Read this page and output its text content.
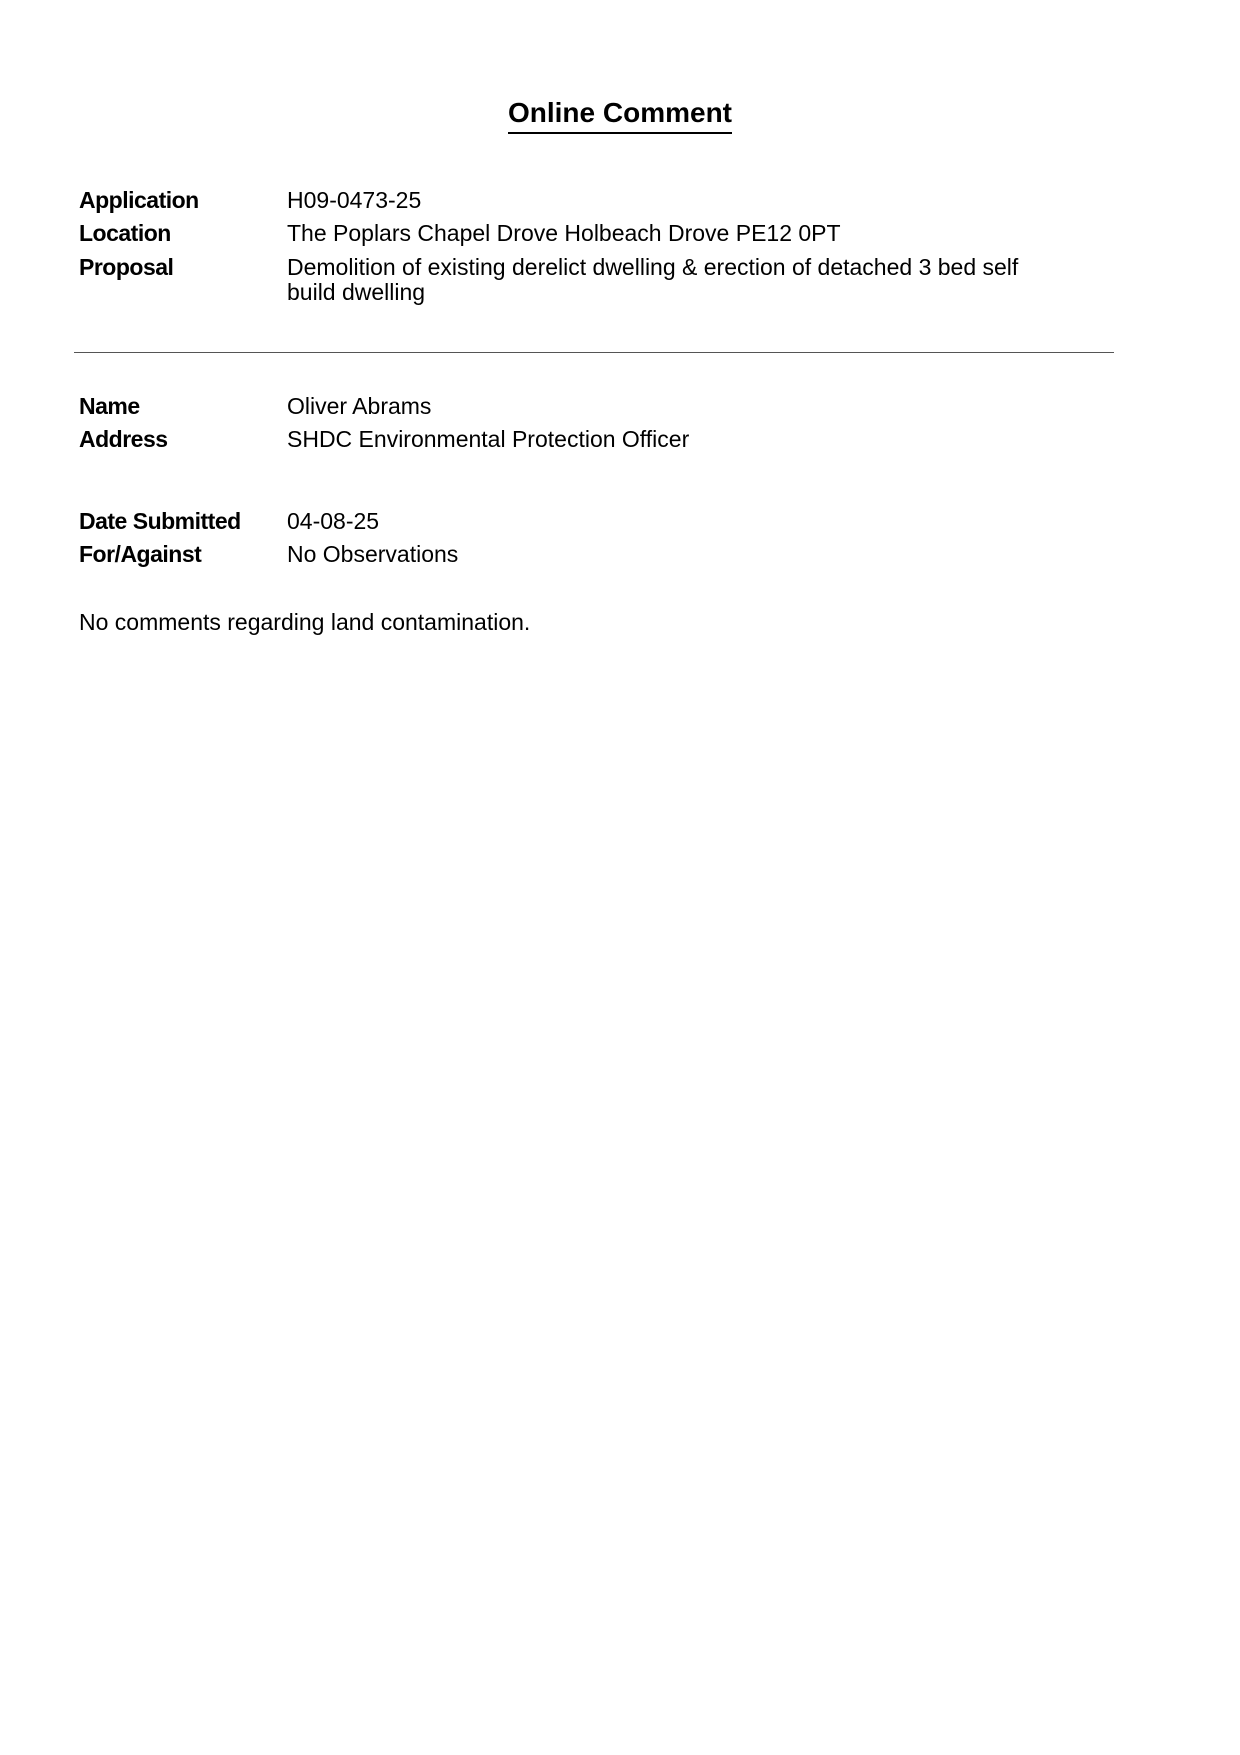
Online Comment
Application	H09-0473-25
Location	The Poplars Chapel Drove Holbeach Drove PE12 0PT
Proposal	Demolition of existing derelict dwelling & erection of detached 3 bed self
build dwelling
Name	Oliver Abrams
Address	SHDC Environmental Protection Officer
Date Submitted 04-08-25
For/Against	No Observations
No comments regarding land contamination.
